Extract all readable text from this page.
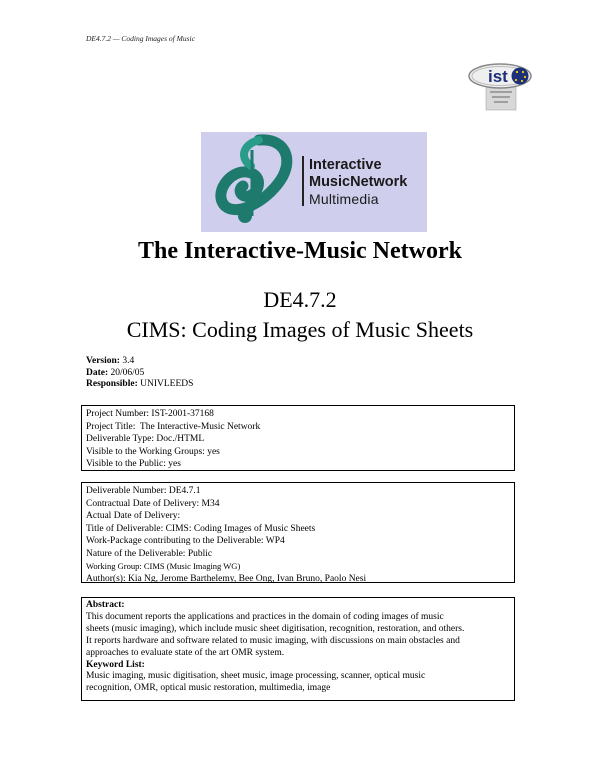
DE4.7.2 — Coding Images of Music
ist
Interactive
MusicNetwork
Multimedia
The Interactive-Music Network
DE4.7.2
CIMS: Coding Images of Music Sheets
Version: 3.4
Date: 20/06/05
Responsible: UNIVLEEDS
Project Number: IST-2001-37168
Project Title:  The Interactive-Music Network
Deliverable Type: Doc./HTML
Visible to the Working Groups: yes
Visible to the Public: yes
Deliverable Number: DE4.7.1
Contractual Date of Delivery: M34
Actual Date of Delivery:
Title of Deliverable: CIMS: Coding Images of Music Sheets
Work-Package contributing to the Deliverable: WP4
Nature of the Deliverable: Public
Working Group: CIMS (Music Imaging WG)
Author(s): Kia Ng, Jerome Barthelemy, Bee Ong, Ivan Bruno, Paolo Nesi
Abstract:
This document reports the applications and practices in the domain of coding images of music
sheets (music imaging), which include music sheet digitisation, recognition, restoration, and others.
It reports hardware and software related to music imaging, with discussions on main obstacles and
approaches to evaluate state of the art OMR system.
Keyword List:
Music imaging, music digitisation, sheet music, image processing, scanner, optical music
recognition, OMR, optical music restoration, multimedia, image
